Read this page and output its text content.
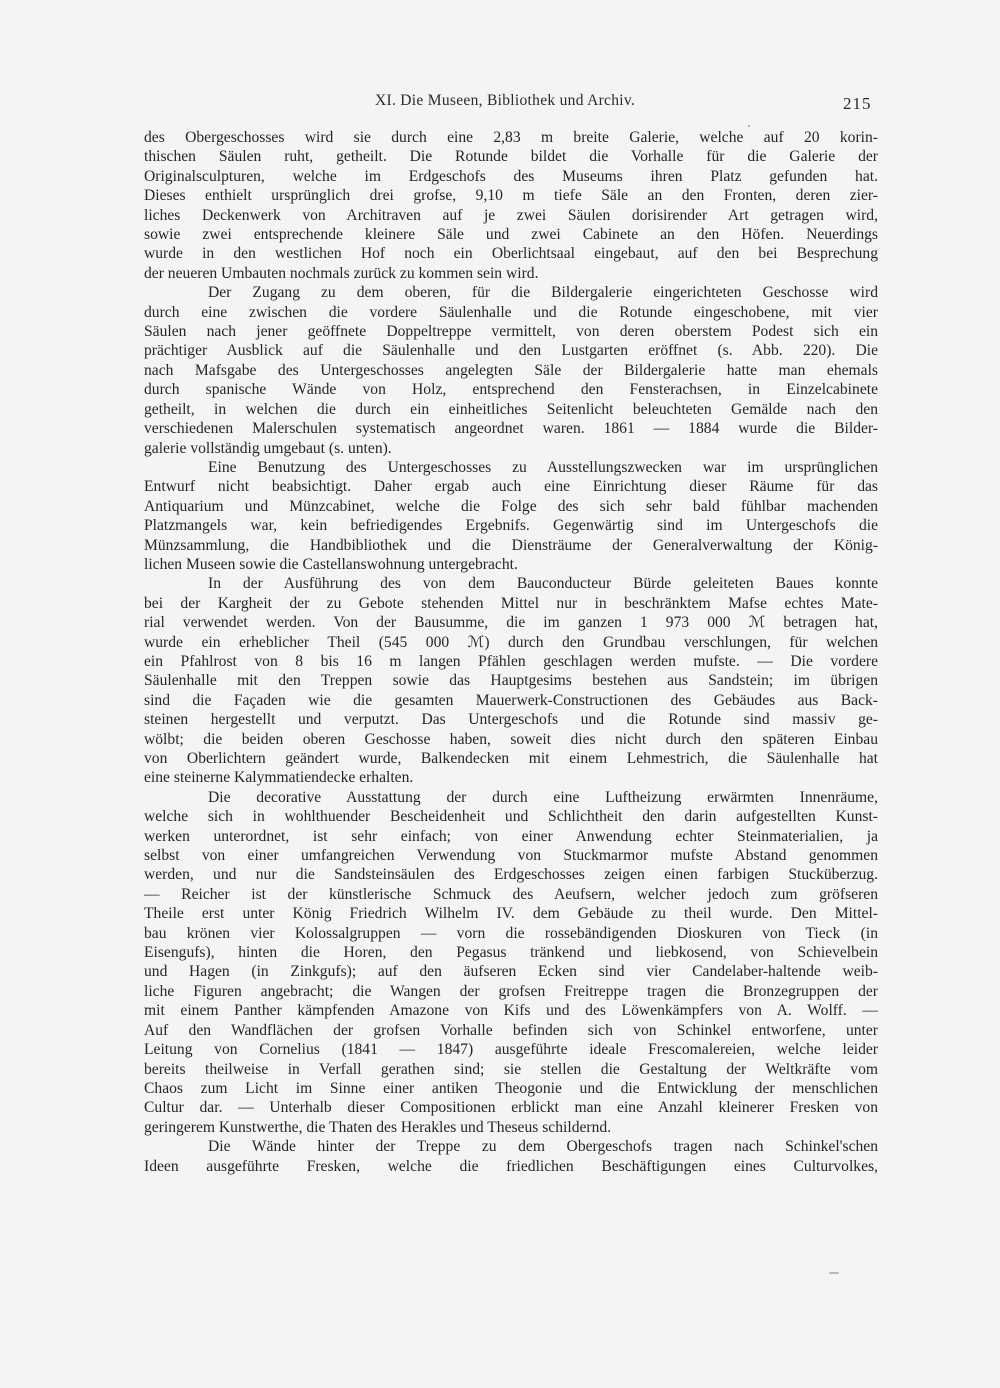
XI. Die Museen, Bibliothek und Archiv.	215

des Obergeschosses wird sie durch eine 2,83 m breite Galerie, welche auf 20 korin-
thischen Säulen ruht, getheilt. Die Rotunde bildet die Vorhalle für die Galerie der
Originalsculpturen, welche im Erdgeschofs des Museums ihren Platz gefunden hat.
Dieses enthielt ursprünglich drei grofse, 9,10 m tiefe Säle an den Fronten, deren zier-
liches Deckenwerk von Architraven auf je zwei Säulen dorisirender Art getragen wird,
sowie zwei entsprechende kleinere Säle und zwei Cabinete an den Höfen. Neuerdings
wurde in den westlichen Hof noch ein Oberlichtsaal eingebaut, auf den bei Besprechung
der neueren Umbauten nochmals zurück zu kommen sein wird.

Der Zugang zu dem oberen, für die Bildergalerie eingerichteten Geschosse wird
durch eine zwischen die vordere Säulenhalle und die Rotunde eingeschobene, mit vier
Säulen nach jener geöffnete Doppeltreppe vermittelt, von deren oberstem Podest sich ein
prächtiger Ausblick auf die Säulenhalle und den Lustgarten eröffnet (s. Abb. 220). Die
nach Mafsgabe des Untergeschosses angelegten Säle der Bildergalerie hatte man ehemals
durch spanische Wände von Holz, entsprechend den Fensterachsen, in Einzelcabinete
getheilt, in welchen die durch ein einheitliches Seitenlicht beleuchteten Gemälde nach den
verschiedenen Malerschulen systematisch angeordnet waren. 1861 — 1884 wurde die Bilder-
galerie vollständig umgebaut (s. unten).

Eine Benutzung des Untergeschosses zu Ausstellungszwecken war im ursprünglichen
Entwurf nicht beabsichtigt. Daher ergab auch eine Einrichtung dieser Räume für das
Antiquarium und Münzcabinet, welche die Folge des sich sehr bald fühlbar machenden
Platzmangels war, kein befriedigendes Ergebnifs. Gegenwärtig sind im Untergeschofs die
Münzsammlung, die Handbibliothek und die Diensträume der Generalverwaltung der König-
lichen Museen sowie die Castellanswohnung untergebracht.

In der Ausführung des von dem Bauconducteur Bürde geleiteten Baues konnte
bei der Kargheit der zu Gebote stehenden Mittel nur in beschränktem Mafse echtes Mate-
rial verwendet werden. Von der Bausumme, die im ganzen 1 973 000 ℳ betragen hat,
wurde ein erheblicher Theil (545 000 ℳ) durch den Grundbau verschlungen, für welchen
ein Pfahlrost von 8 bis 16 m langen Pfählen geschlagen werden mufste. — Die vordere
Säulenhalle mit den Treppen sowie das Hauptgesims bestehen aus Sandstein; im übrigen
sind die Façaden wie die gesamten Mauerwerk-Constructionen des Gebäudes aus Back-
steinen hergestellt und verputzt. Das Untergeschofs und die Rotunde sind massiv ge-
wölbt; die beiden oberen Geschosse haben, soweit dies nicht durch den späteren Einbau
von Oberlichtern geändert wurde, Balkendecken mit einem Lehmestrich, die Säulenhalle hat
eine steinerne Kalymmatiendecke erhalten.

Die decorative Ausstattung der durch eine Luftheizung erwärmten Innenräume,
welche sich in wohlthuender Bescheidenheit und Schlichtheit den darin aufgestellten Kunst-
werken unterordnet, ist sehr einfach; von einer Anwendung echter Steinmaterialien, ja
selbst von einer umfangreichen Verwendung von Stuckmarmor mufste Abstand genommen
werden, und nur die Sandsteinsäulen des Erdgeschosses zeigen einen farbigen Stucküberzug.
— Reicher ist der künstlerische Schmuck des Aeufsern, welcher jedoch zum gröfseren
Theile erst unter König Friedrich Wilhelm IV. dem Gebäude zu theil wurde. Den Mittel-
bau krönen vier Kolossalgruppen — vorn die rossebändigenden Dioskuren von Tieck (in
Eisengufs), hinten die Horen, den Pegasus tränkend und liebkosend, von Schievelbein
und Hagen (in Zinkgufs); auf den äufseren Ecken sind vier Candelaber-haltende weib-
liche Figuren angebracht; die Wangen der grofsen Freitreppe tragen die Bronzegruppen der
mit einem Panther kämpfenden Amazone von Kifs und des Löwenkämpfers von A. Wolff. —
Auf den Wandflächen der grofsen Vorhalle befinden sich von Schinkel entworfene, unter
Leitung von Cornelius (1841 — 1847) ausgeführte ideale Frescomalereien, welche leider
bereits theilweise in Verfall gerathen sind; sie stellen die Gestaltung der Weltkräfte vom
Chaos zum Licht im Sinne einer antiken Theogonie und die Entwicklung der menschlichen
Cultur dar. — Unterhalb dieser Compositionen erblickt man eine Anzahl kleinerer Fresken von
geringerem Kunstwerthe, die Thaten des Herakles und Theseus schildernd.

Die Wände hinter der Treppe zu dem Obergeschofs tragen nach Schinkel'schen
Ideen ausgeführte Fresken, welche die friedlichen Beschäftigungen eines Culturvolkes,
